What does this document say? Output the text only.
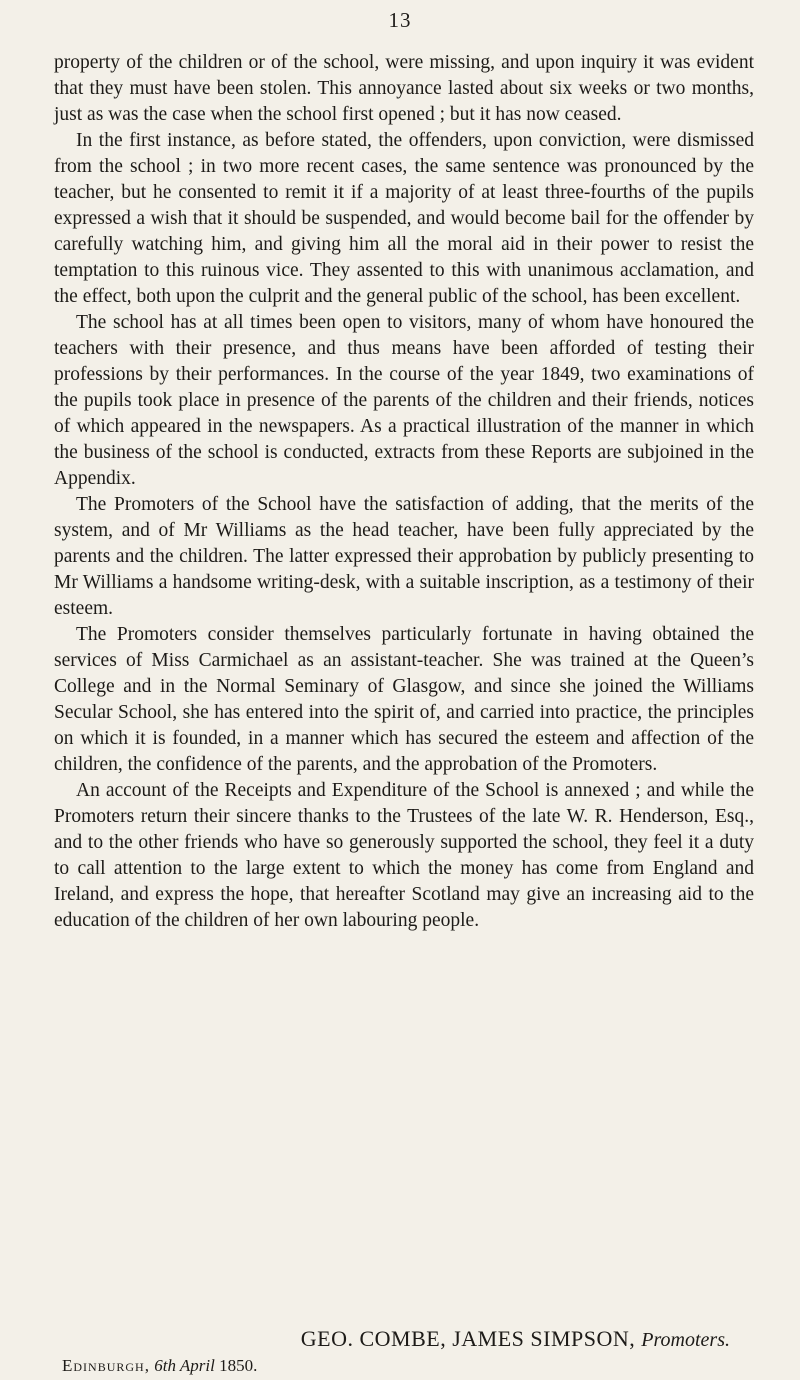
13

property of the children or of the school, were missing, and upon inquiry it was evident that they must have been stolen. This annoyance lasted about six weeks or two months, just as was the case when the school first opened ; but it has now ceased.

In the first instance, as before stated, the offenders, upon conviction, were dismissed from the school ; in two more recent cases, the same sentence was pronounced by the teacher, but he consented to remit it if a majority of at least three-fourths of the pupils expressed a wish that it should be suspended, and would become bail for the offender by carefully watching him, and giving him all the moral aid in their power to resist the temptation to this ruinous vice. They assented to this with unanimous acclamation, and the effect, both upon the culprit and the general public of the school, has been excellent.

The school has at all times been open to visitors, many of whom have honoured the teachers with their presence, and thus means have been afforded of testing their professions by their performances. In the course of the year 1849, two examinations of the pupils took place in presence of the parents of the children and their friends, notices of which appeared in the newspapers. As a practical illustration of the manner in which the business of the school is conducted, extracts from these Reports are subjoined in the Appendix.

The Promoters of the School have the satisfaction of adding, that the merits of the system, and of Mr Williams as the head teacher, have been fully appreciated by the parents and the children. The latter expressed their approbation by publicly presenting to Mr Williams a handsome writing-desk, with a suitable inscription, as a testimony of their esteem.

The Promoters consider themselves particularly fortunate in having obtained the services of Miss Carmichael as an assistant-teacher. She was trained at the Queen’s College and in the Normal Seminary of Glasgow, and since she joined the Williams Secular School, she has entered into the spirit of, and carried into practice, the principles on which it is founded, in a manner which has secured the esteem and affection of the children, the confidence of the parents, and the approbation of the Promoters.

An account of the Receipts and Expenditure of the School is annexed ; and while the Promoters return their sincere thanks to the Trustees of the late W. R. Henderson, Esq., and to the other friends who have so generously supported the school, they feel it a duty to call attention to the large extent to which the money has come from England and Ireland, and express the hope, that hereafter Scotland may give an increasing aid to the education of the children of her own labouring people.

GEO. COMBE, JAMES SIMPSON, Promoters.
Edinburgh, 6th April 1850.
